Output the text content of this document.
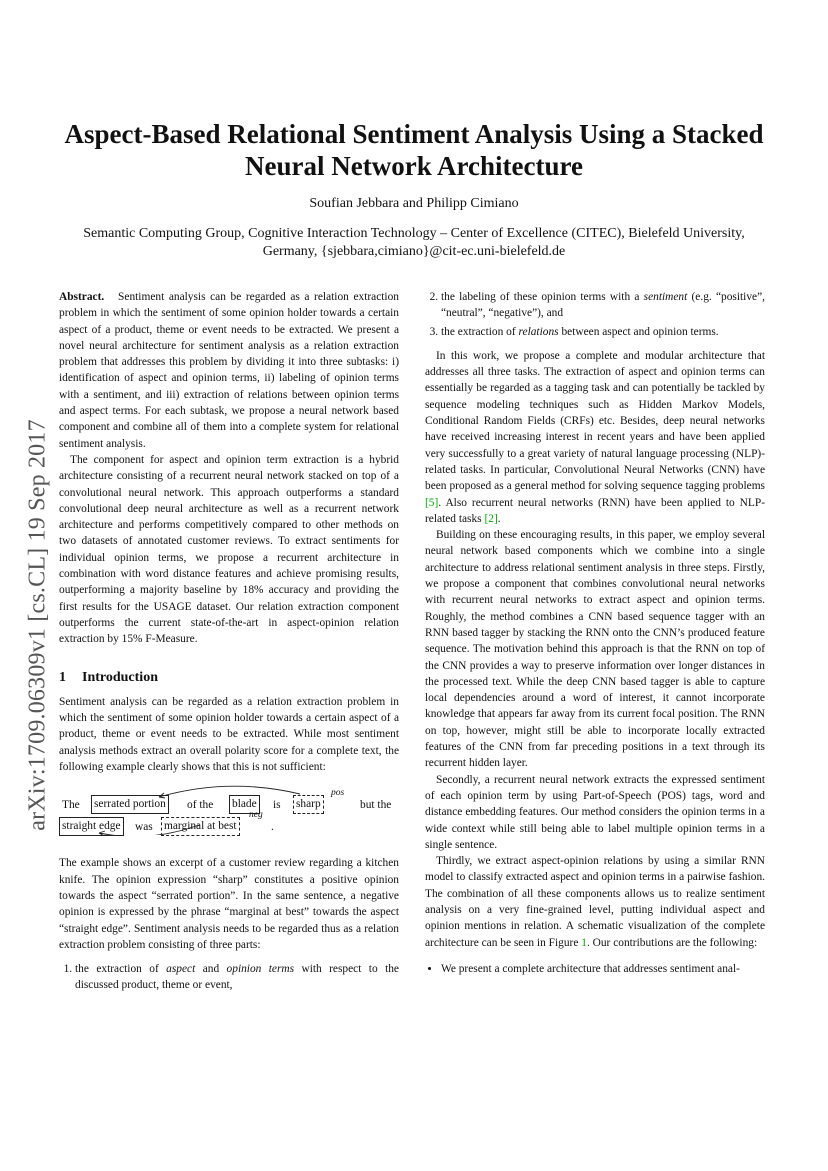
arXiv:1709.06309v1 [cs.CL] 19 Sep 2017
Aspect-Based Relational Sentiment Analysis Using a Stacked Neural Network Architecture
Soufian Jebbara and Philipp Cimiano
Semantic Computing Group, Cognitive Interaction Technology – Center of Excellence (CITEC), Bielefeld University, Germany, {sjebbara,cimiano}@cit-ec.uni-bielefeld.de

Abstract. Sentiment analysis can be regarded as a relation extraction problem in which the sentiment of some opinion holder towards a certain aspect of a product, theme or event needs to be extracted. We present a novel neural architecture for sentiment analysis as a relation extraction problem that addresses this problem by dividing it into three subtasks: i) identification of aspect and opinion terms, ii) labeling of opinion terms with a sentiment, and iii) extraction of relations between opinion terms and aspect terms. For each subtask, we propose a neural network based component and combine all of them into a complete system for relational sentiment analysis.

The component for aspect and opinion term extraction is a hybrid architecture consisting of a recurrent neural network stacked on top of a convolutional neural network. This approach outperforms a standard convolutional deep neural architecture as well as a recurrent network architecture and performs competitively compared to other methods on two datasets of annotated customer reviews. To extract sentiments for individual opinion terms, we propose a recurrent architecture in combination with word distance features and achieve promising results, outperforming a majority baseline by 18% accuracy and providing the first results for the USAGE dataset. Our relation extraction component outperforms the current state-of-the-art in aspect-opinion relation extraction by 15% F-Measure.

1 Introduction

Sentiment analysis can be regarded as a relation extraction problem in which the sentiment of some opinion holder towards a certain aspect of a product, theme or event needs to be extracted. While most sentiment analysis methods extract an overall polarity score for a complete text, the following example clearly shows that this is not sufficient:

The serrated portion of the blade is sharp
pos
but the
straight edge was marginal at best
neg
.

The example shows an excerpt of a customer review regarding a kitchen knife. The opinion expression “sharp” constitutes a positive opinion towards the aspect “serrated portion”. In the same sentence, a negative opinion is expressed by the phrase “marginal at best” towards the aspect “straight edge”. Sentiment analysis needs to be regarded thus as a relation extraction problem consisting of three parts:

1. the extraction of aspect and opinion terms with respect to the discussed product, theme or event,
2. the labeling of these opinion terms with a sentiment (e.g. “positive”, “neutral”, “negative”), and
3. the extraction of relations between aspect and opinion terms.

In this work, we propose a complete and modular architecture that addresses all three tasks. The extraction of aspect and opinion terms can essentially be regarded as a tagging task and can potentially be tackled by sequence modeling techniques such as Hidden Markov Models, Conditional Random Fields (CRFs) etc. Besides, deep neural networks have received increasing interest in recent years and have been applied very successfully to a great variety of natural language processing (NLP)-related tasks. In particular, Convolutional Neural Networks (CNN) have been proposed as a general method for solving sequence tagging problems [5]. Also recurrent neural networks (RNN) have been applied to NLP-related tasks [2].

Building on these encouraging results, in this paper, we employ several neural network based components which we combine into a single architecture to address relational sentiment analysis in three steps. Firstly, we propose a component that combines convolutional neural networks with recurrent neural networks to extract aspect and opinion terms. Roughly, the method combines a CNN based sequence tagger with an RNN based tagger by stacking the RNN onto the CNN’s produced feature sequence. The motivation behind this approach is that the RNN on top of the CNN provides a way to preserve information over longer distances in the processed text. While the deep CNN based tagger is able to capture local dependencies around a word of interest, it cannot incorporate knowledge that appears far away from its current focal position. The RNN on top, however, might still be able to incorporate locally extracted features of the CNN from far preceding positions in a text through its recurrent hidden layer.

Secondly, a recurrent neural network extracts the expressed sentiment of each opinion term by using Part-of-Speech (POS) tags, word and distance embedding features. Our method considers the opinion terms in a wide context while still being able to label multiple opinion terms in a single sentence.

Thirdly, we extract aspect-opinion relations by using a similar RNN model to classify extracted aspect and opinion terms in a pairwise fashion. The combination of all these components allows us to realize sentiment analysis on a very fine-grained level, putting individual aspect and opinion mentions in relation. A schematic visualization of the complete architecture can be seen in Figure 1. Our contributions are the following:

• We present a complete architecture that addresses sentiment anal-
